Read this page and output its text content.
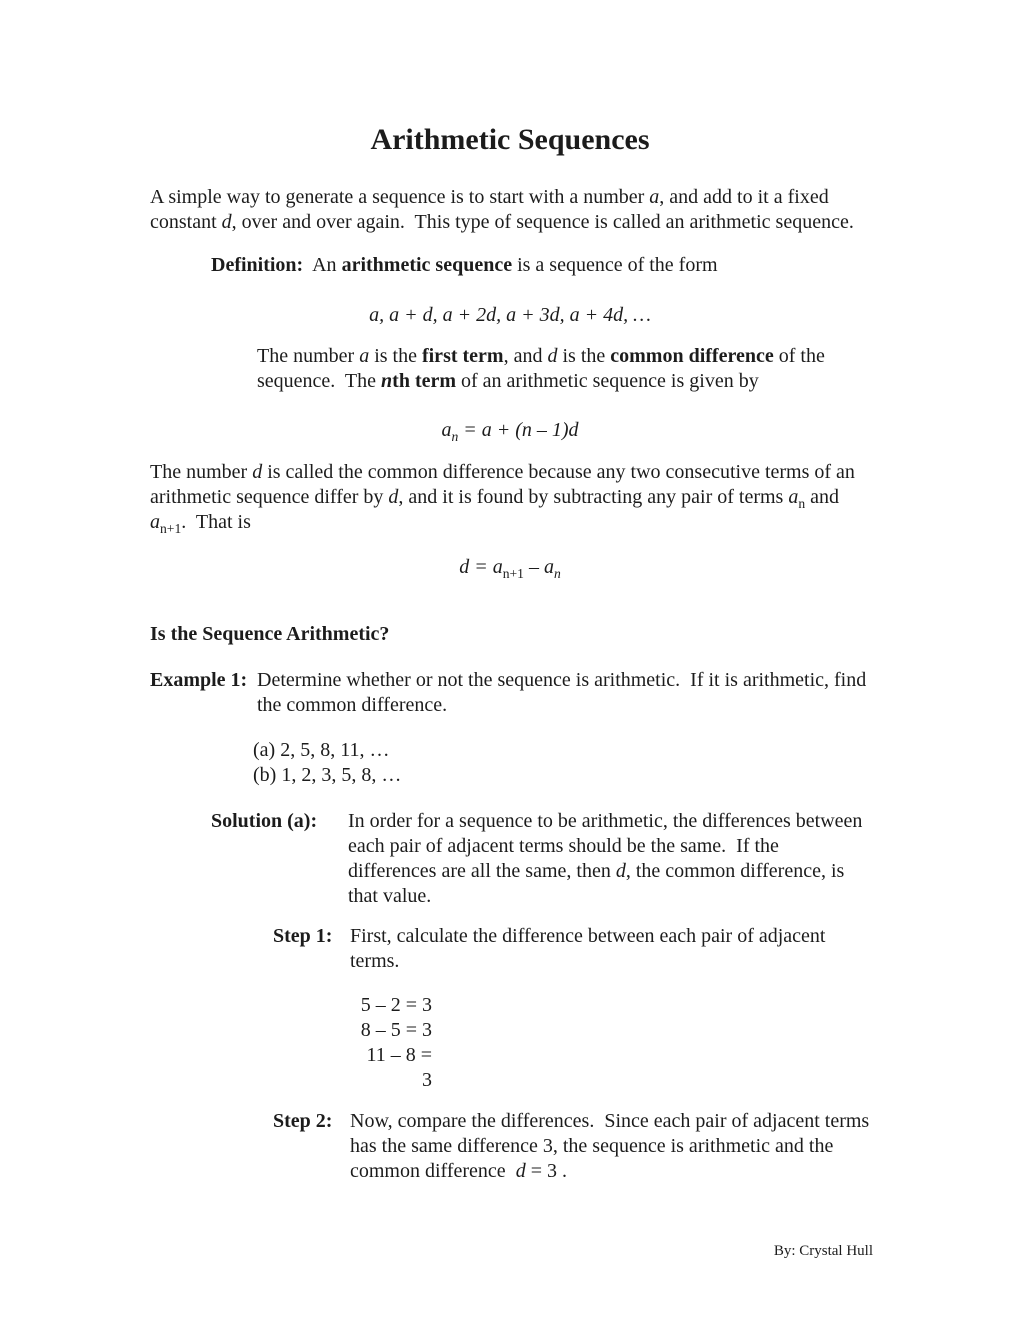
Arithmetic Sequences
A simple way to generate a sequence is to start with a number a, and add to it a fixed constant d, over and over again.  This type of sequence is called an arithmetic sequence.
Definition:  An arithmetic sequence is a sequence of the form
a, a + d, a + 2d, a + 3d, a + 4d, …
The number a is the first term, and d is the common difference of the sequence.  The nth term of an arithmetic sequence is given by
$a_n = a + (n - 1)d$
The number d is called the common difference because any two consecutive terms of an arithmetic sequence differ by d, and it is found by subtracting any pair of terms $a_n$ and $a_{n+1}$.  That is
$d = a_{n+1} - a_n$
Is the Sequence Arithmetic?
Example 1: Determine whether or not the sequence is arithmetic.  If it is arithmetic, find the common difference.
(a) 2, 5, 8, 11, …
(b) 1, 2, 3, 5, 8, …
Solution (a):	In order for a sequence to be arithmetic, the differences between each pair of adjacent terms should be the same.  If the differences are all the same, then d, the common difference, is that value.
Step 1: First, calculate the difference between each pair of adjacent terms.
5 – 2 = 3
8 – 5 = 3
11 – 8 = 3
Step 2: Now, compare the differences.  Since each pair of adjacent terms has the same difference 3, the sequence is arithmetic and the common difference  d = 3 .
By: Crystal Hull
